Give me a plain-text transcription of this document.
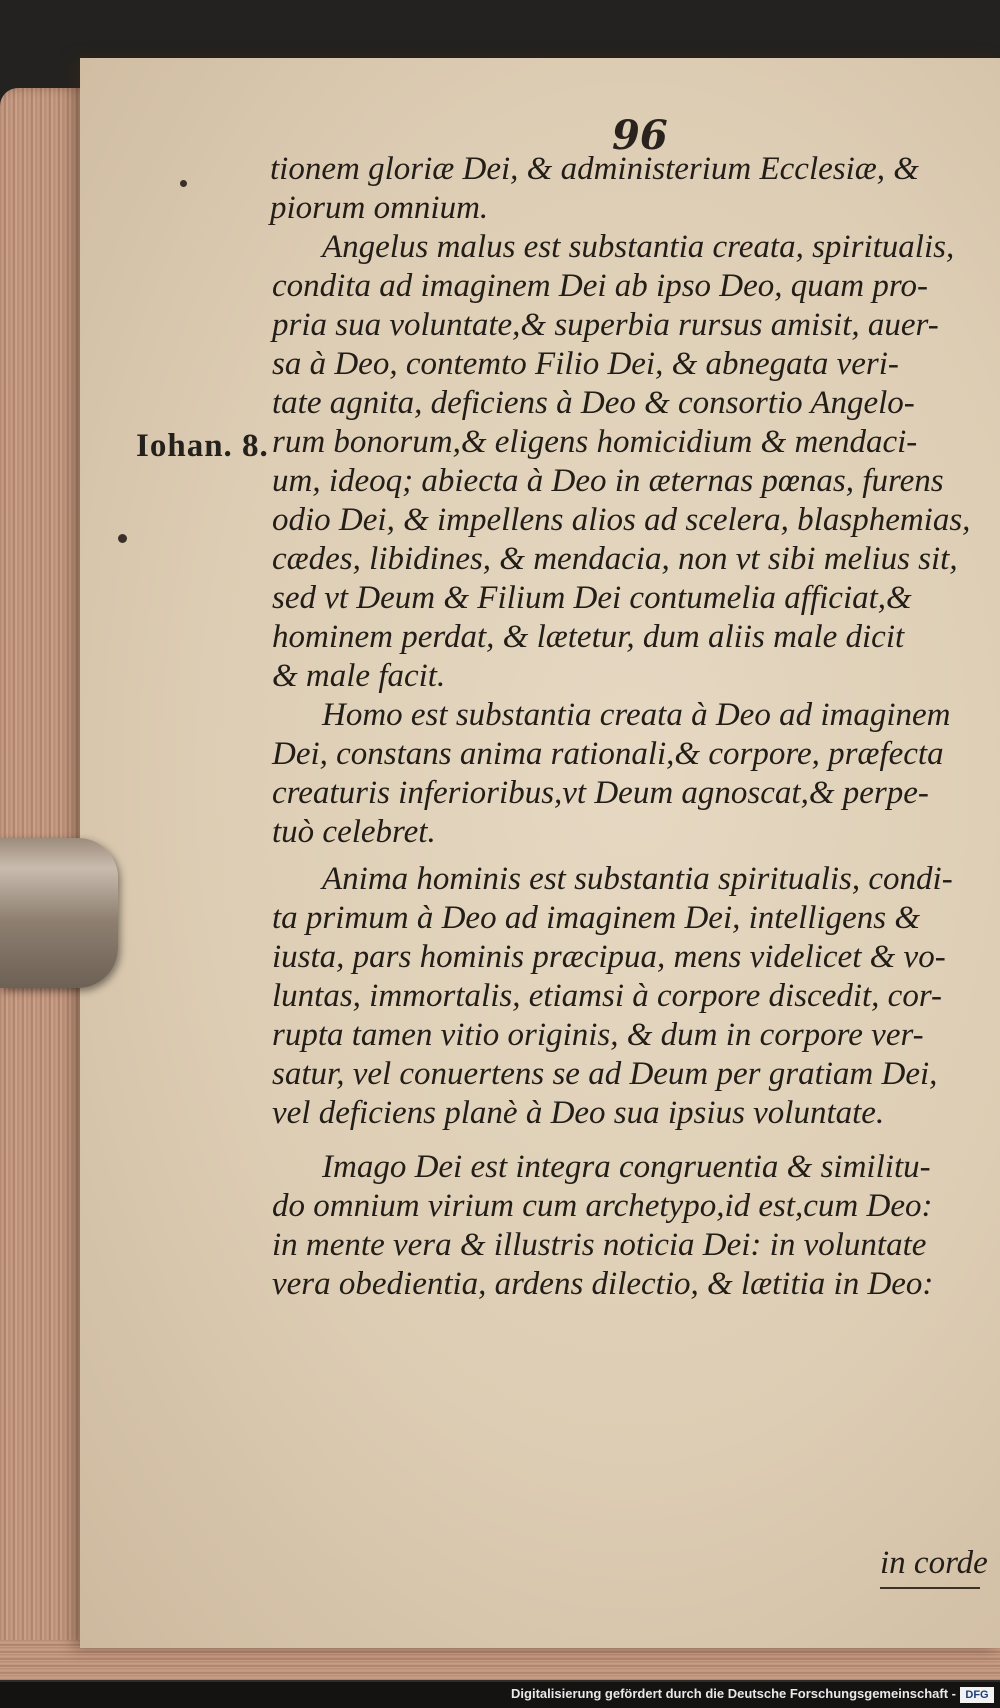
96
Iohan. 8.
tionem gloriæ Dei, & administerium Ecclesiæ, &
piorum omnium.
Angelus malus est substantia creata, spiritualis,
condita ad imaginem Dei ab ipso Deo, quam pro-
pria sua voluntate,& superbia rursus amisit, auer-
sa à Deo, contemto Filio Dei, & abnegata veri-
tate agnita, deficiens à Deo & consortio Angelo-
rum bonorum,& eligens homicidium & mendaci-
um, ideoq; abiecta à Deo in æternas pœnas, furens
odio Dei, & impellens alios ad scelera, blasphemias,
cædes, libidines, & mendacia, non vt sibi melius sit,
sed vt Deum & Filium Dei contumelia afficiat,&
hominem perdat, & lætetur, dum aliis male dicit
& male facit.
Homo est substantia creata à Deo ad imaginem
Dei, constans anima rationali,& corpore, præfecta
creaturis inferioribus,vt Deum agnoscat,& perpe-
tuò celebret.
Anima hominis est substantia spiritualis, condi-
ta primum à Deo ad imaginem Dei, intelligens &
iusta, pars hominis præcipua, mens videlicet & vo-
luntas, immortalis, etiamsi à corpore discedit, cor-
rupta tamen vitio originis, & dum in corpore ver-
satur, vel conuertens se ad Deum per gratiam Dei,
vel deficiens planè à Deo sua ipsius voluntate.
Imago Dei est integra congruentia & similitu-
do omnium virium cum archetypo,id est,cum Deo:
in mente vera & illustris noticia Dei: in voluntate
vera obedientia, ardens dilectio, & lætitia in Deo:
in corde
Digitalisierung gefördert durch die Deutsche Forschungsgemeinschaft - DFG
